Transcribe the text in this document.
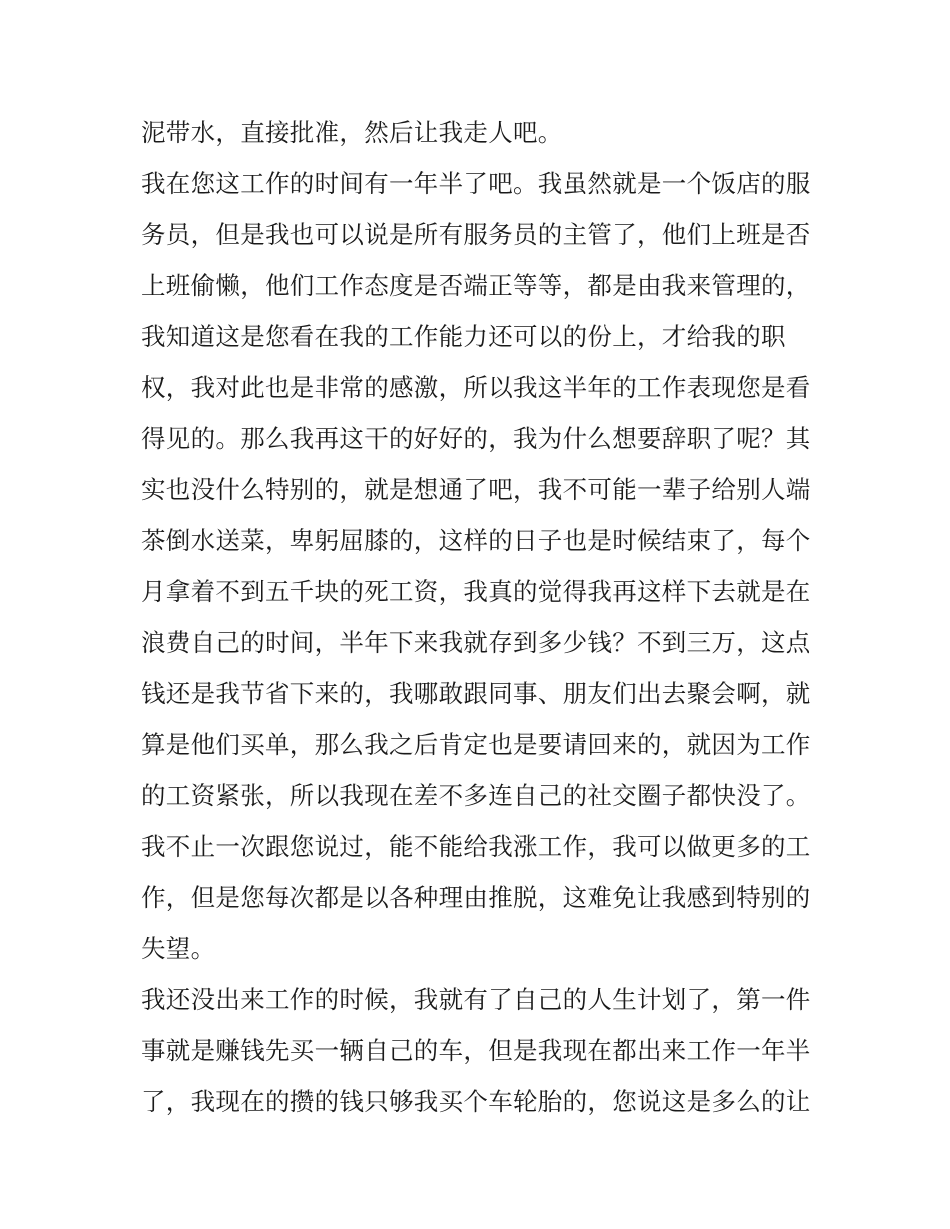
泥带水，直接批准，然后让我走人吧。
我在您这工作的时间有一年半了吧。我虽然就是一个饭店的服
务员，但是我也可以说是所有服务员的主管了，他们上班是否
上班偷懒，他们工作态度是否端正等等，都是由我来管理的，
我知道这是您看在我的工作能力还可以的份上，才给我的职
权，我对此也是非常的感激，所以我这半年的工作表现您是看
得见的。那么我再这干的好好的，我为什么想要辞职了呢？其
实也没什么特别的，就是想通了吧，我不可能一辈子给别人端
茶倒水送菜，卑躬屈膝的，这样的日子也是时候结束了，每个
月拿着不到五千块的死工资，我真的觉得我再这样下去就是在
浪费自己的时间，半年下来我就存到多少钱？不到三万，这点
钱还是我节省下来的，我哪敢跟同事、朋友们出去聚会啊，就
算是他们买单，那么我之后肯定也是要请回来的，就因为工作
的工资紧张，所以我现在差不多连自己的社交圈子都快没了。
我不止一次跟您说过，能不能给我涨工作，我可以做更多的工
作，但是您每次都是以各种理由推脱，这难免让我感到特别的
失望。
我还没出来工作的时候，我就有了自己的人生计划了，第一件
事就是赚钱先买一辆自己的车，但是我现在都出来工作一年半
了，我现在的攒的钱只够我买个车轮胎的，您说这是多么的让
